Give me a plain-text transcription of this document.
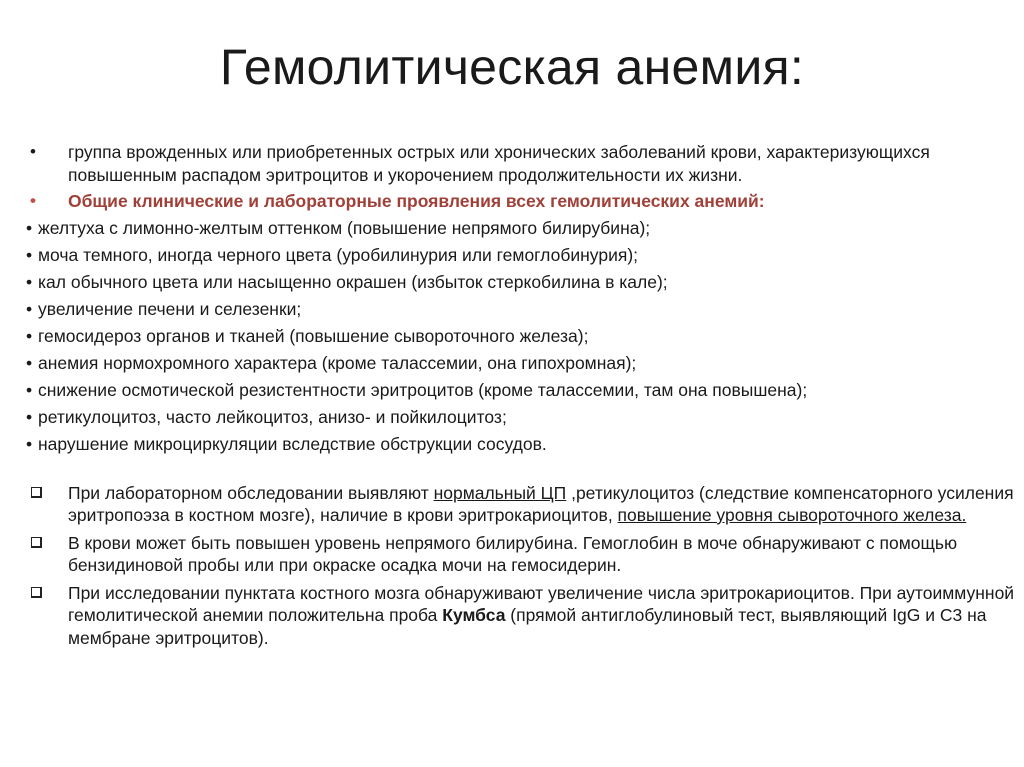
Гемолитическая анемия:
• группа врожденных или приобретенных острых или хронических заболеваний крови, характеризующихся повышенным распадом эритроцитов и укорочением продолжительности их жизни.
• Общие клинические и лабораторные проявления всех гемолитических анемий:
• желтуха с лимонно-желтым оттенком (повышение непрямого билирубина);
• моча темного, иногда черного цвета (уробилинурия или гемоглобинурия);
• кал обычного цвета или насыщенно окрашен (избыток стеркобилина в кале);
• увеличение печени и селезенки;
• гемосидероз органов и тканей (повышение сывороточного железа);
• анемия нормохромного характера (кроме талассемии, она гипохромная);
• снижение осмотической резистентности эритроцитов (кроме талассемии, там она повышена);
• ретикулоцитоз, часто лейкоцитоз, анизо- и пойкилоцитоз;
• нарушение микроциркуляции вследствие обструкции сосудов.
При лабораторном обследовании выявляют нормальный ЦП ,ретикулоцитоз (следствие компенсаторного усиления эритропоэза в костном мозге), наличие в крови эритрокариоцитов, повышение уровня сывороточного железа.
В крови может быть повышен уровень непрямого билирубина. Гемоглобин в моче обнаруживают с помощью бензидиновой пробы или при окраске осадка мочи на гемосидерин.
При исследовании пунктата костного мозга обнаруживают увеличение числа эритрокариоцитов. При аутоиммунной гемолитической анемии положительна проба Кумбса (прямой антиглобулиновый тест, выявляющий IgG и С3 на мембране эритроцитов).
